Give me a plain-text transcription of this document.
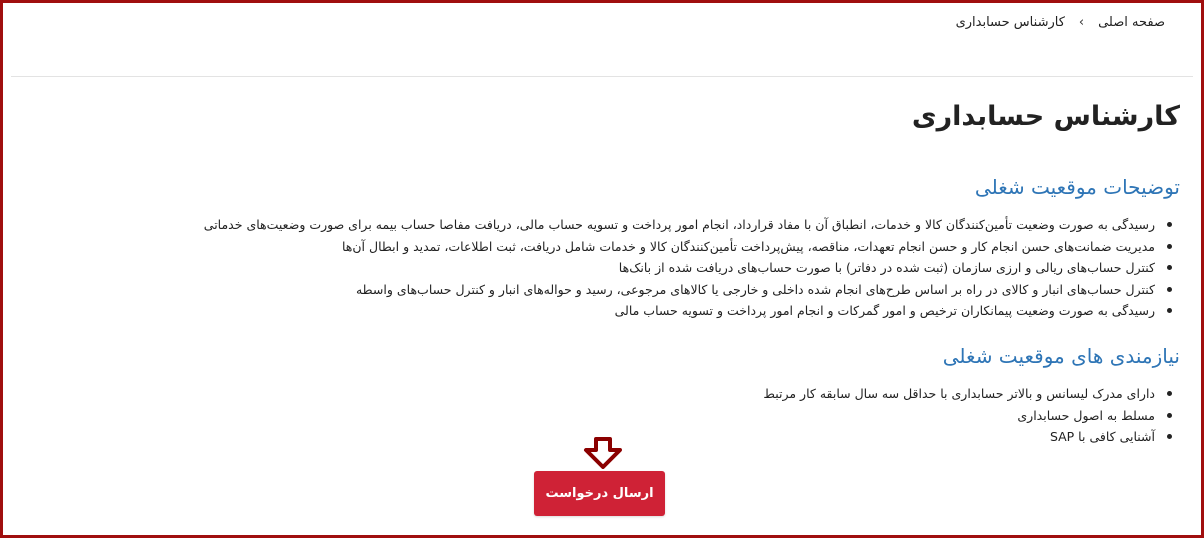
صفحه اصلی
›
کارشناس حسابداری
کارشناس حسابداری
توضیحات موقعیت شغلی
رسیدگی به صورت وضعیت تأمین‌کنندگان کالا و خدمات، انطباق آن با مفاد قرارداد، انجام امور پرداخت و تسویه حساب مالی، دریافت مفاصا حساب بیمه برای صورت وضعیت‌های خدماتی
مدیریت ضمانت‌های حسن انجام کار و حسن انجام تعهدات، مناقصه، پیش‌پرداخت تأمین‌کنندگان کالا و خدمات شامل دریافت، ثبت اطلاعات، تمدید و ابطال آن‌ها
کنترل حساب‌های ریالی و ارزی سازمان (ثبت شده در دفاتر) با صورت حساب‌های دریافت شده از بانک‌ها
کنترل حساب‌های انبار و کالای در راه بر اساس طرح‌های انجام شده داخلی و خارجی یا کالاهای مرجوعی، رسید و حواله‌های انبار و کنترل حساب‌های واسطه
رسیدگی به صورت وضعیت پیمانکاران ترخیص و امور گمرکات و انجام امور پرداخت و تسویه حساب مالی
نیازمندی های موقعیت شغلی
دارای مدرک لیسانس و بالاتر حسابداری با حداقل سه سال سابقه کار مرتبط
مسلط به اصول حسابداری
آشنایی کافی با SAP
ارسال درخواست
